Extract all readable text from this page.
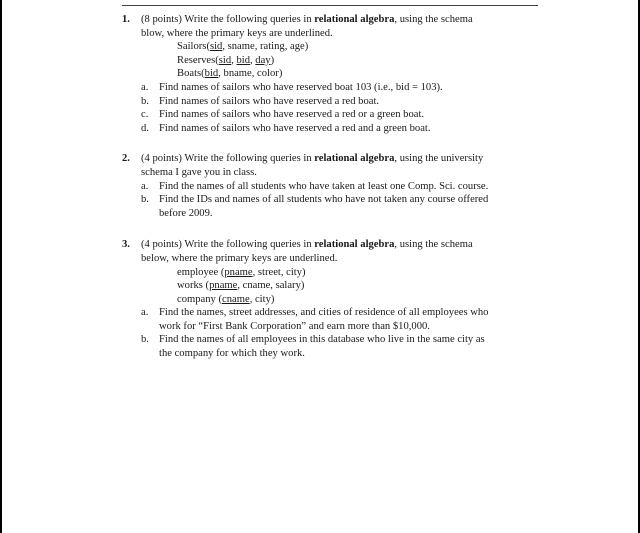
1. (8 points) Write the following queries in relational algebra, using the schema
blow, where the primary keys are underlined.
Sailors(sid, sname, rating, age)
Reserves(sid, bid, day)
Boats(bid, bname, color)
a. Find names of sailors who have reserved boat 103 (i.e., bid = 103).
b. Find names of sailors who have reserved a red boat.
c. Find names of sailors who have reserved a red or a green boat.
d. Find names of sailors who have reserved a red and a green boat.
2. (4 points) Write the following queries in relational algebra, using the university
schema I gave you in class.
a. Find the names of all students who have taken at least one Comp. Sci. course.
b. Find the IDs and names of all students who have not taken any course offered
before 2009.
3. (4 points) Write the following queries in relational algebra, using the schema
below, where the primary keys are underlined.
employee (pname, street, city)
works (pname, cname, salary)
company (cname, city)
a. Find the names, street addresses, and cities of residence of all employees who
work for “First Bank Corporation” and earn more than $10,000.
b. Find the names of all employees in this database who live in the same city as
the company for which they work.
